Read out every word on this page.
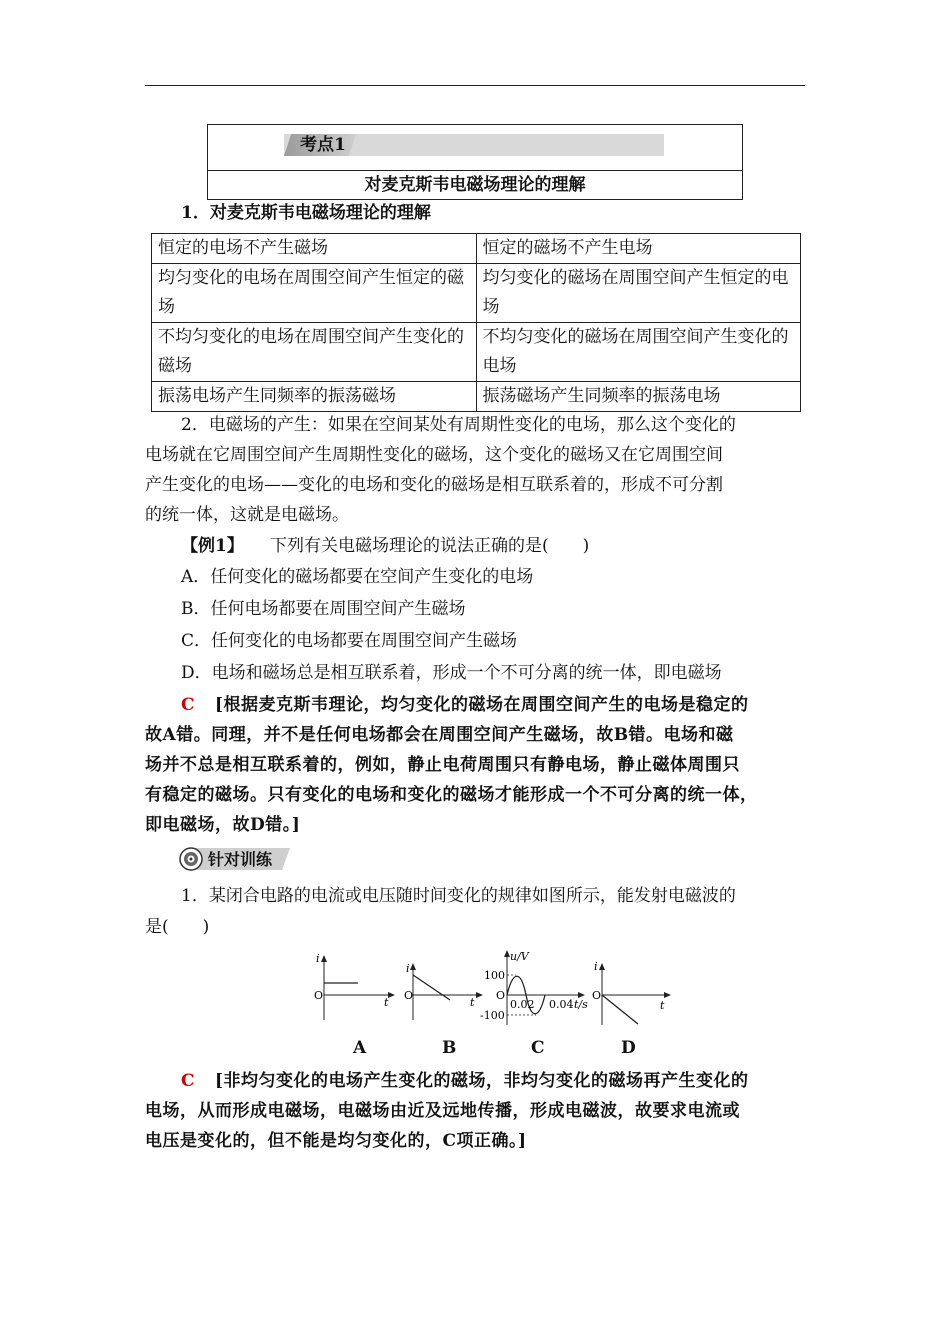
考点1
对麦克斯韦电磁场理论的理解
1．对麦克斯韦电磁场理论的理解
恒定的电场不产生磁场	恒定的磁场不产生电场
均匀变化的电场在周围空间产生恒定的磁场	均匀变化的磁场在周围空间产生恒定的电场
不均匀变化的电场在周围空间产生变化的磁场	不均匀变化的磁场在周围空间产生变化的电场
振荡电场产生同频率的振荡磁场	振荡磁场产生同频率的振荡电场
2．电磁场的产生：如果在空间某处有周期性变化的电场，那么这个变化的
电场就在它周围空间产生周期性变化的磁场，这个变化的磁场又在它周围空间
产生变化的电场——变化的电场和变化的磁场是相互联系着的，形成不可分割
的统一体，这就是电磁场。
【例1】 下列有关电磁场理论的说法正确的是(　　)
A．任何变化的磁场都要在空间产生变化的电场
B．任何电场都要在周围空间产生磁场
C．任何变化的电场都要在周围空间产生磁场
D．电场和磁场总是相互联系着，形成一个不可分离的统一体，即电磁场
C [根据麦克斯韦理论，均匀变化的磁场在周围空间产生的电场是稳定的
故A错。同理，并不是任何电场都会在周围空间产生磁场，故B错。电场和磁
场并不总是相互联系着的，例如，静止电荷周围只有静电场，静止磁体周围只
有稳定的磁场。只有变化的电场和变化的磁场才能形成一个不可分离的统一体，
即电磁场，故D错。]
针对训练
1．某闭合电路的电流或电压随时间变化的规律如图所示，能发射电磁波的
是(　　)
i
O
t
i
O
t
u/V
100
-100
O
0.02 0.04 t/s
i
O
t
A	B	C	D
C [非均匀变化的电场产生变化的磁场，非均匀变化的磁场再产生变化的
电场，从而形成电磁场，电磁场由近及远地传播，形成电磁波，故要求电流或
电压是变化的，但不能是均匀变化的，C项正确。]
